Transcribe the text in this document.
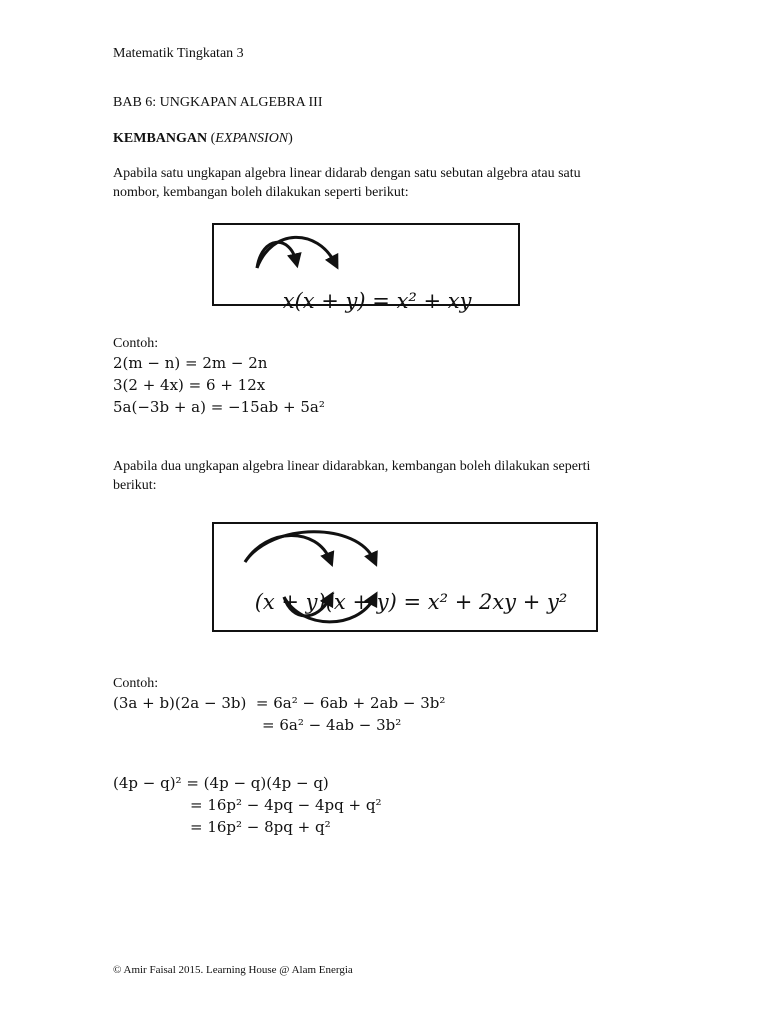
Matematik Tingkatan 3
BAB 6: UNGKAPAN ALGEBRA III
KEMBANGAN (EXPANSION)
Apabila satu ungkapan algebra linear didarab dengan satu sebutan algebra atau satu
nombor, kembangan boleh dilakukan seperti berikut:

x(x + y) = x² + xy

Contoh:
2(m − n) = 2m − 2n
3(2 + 4x) = 6 + 12x
5a(−3b + a) = −15ab + 5a²
Apabila dua ungkapan algebra linear didarabkan, kembangan boleh dilakukan seperti
berikut:

(x + y)(x + y) = x² + 2xy + y²

Contoh:
(3a + b)(2a − 3b)  = 6a² − 6ab + 2ab − 3b²
= 6a² − 4ab − 3b²
(4p − q)² = (4p − q)(4p − q)
= 16p² − 4pq − 4pq + q²
= 16p² − 8pq + q²
© Amir Faisal 2015. Learning House @ Alam Energia
